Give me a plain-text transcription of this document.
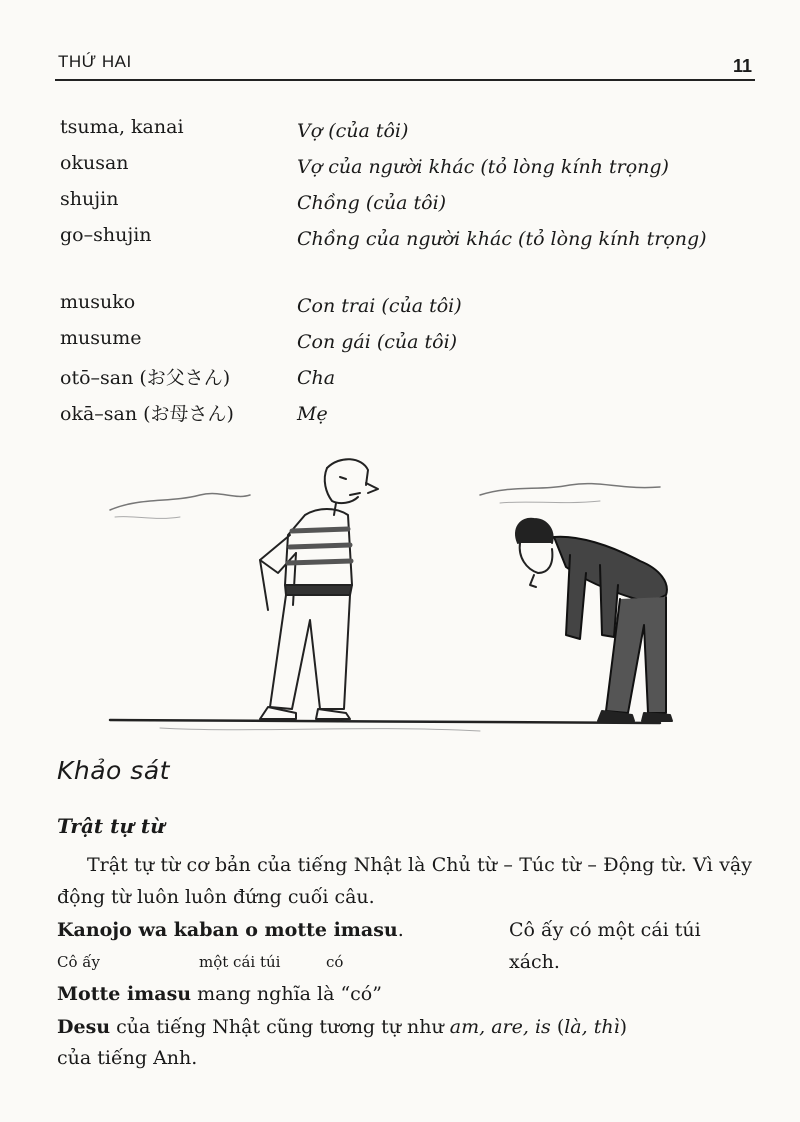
THỨ HAI	11
tsuma, kanai	Vợ (của tôi)
okusan	Vợ của người khác (tỏ lòng kính trọng)
shujin	Chồng (của tôi)
go–shujin	Chồng của người khác (tỏ lòng kính trọng)
musuko	Con trai (của tôi)
musume	Con gái (của tôi)
otō–san (お父さん)	Cha
okā–san (お母さん)	Mẹ
Khảo sát
Trật tự từ
Trật tự từ cơ bản của tiếng Nhật là Chủ từ – Túc từ – Động từ. Vì vậy động từ luôn luôn đứng cuối câu.
Kanojo wa kaban o motte imasu.	Cô ấy có một cái túi
xách.
Cô ấy	một cái túi	có
Motte imasu mang nghĩa là “có”
Desu của tiếng Nhật cũng tương tự như am, are, is (là, thì)
của tiếng Anh.
